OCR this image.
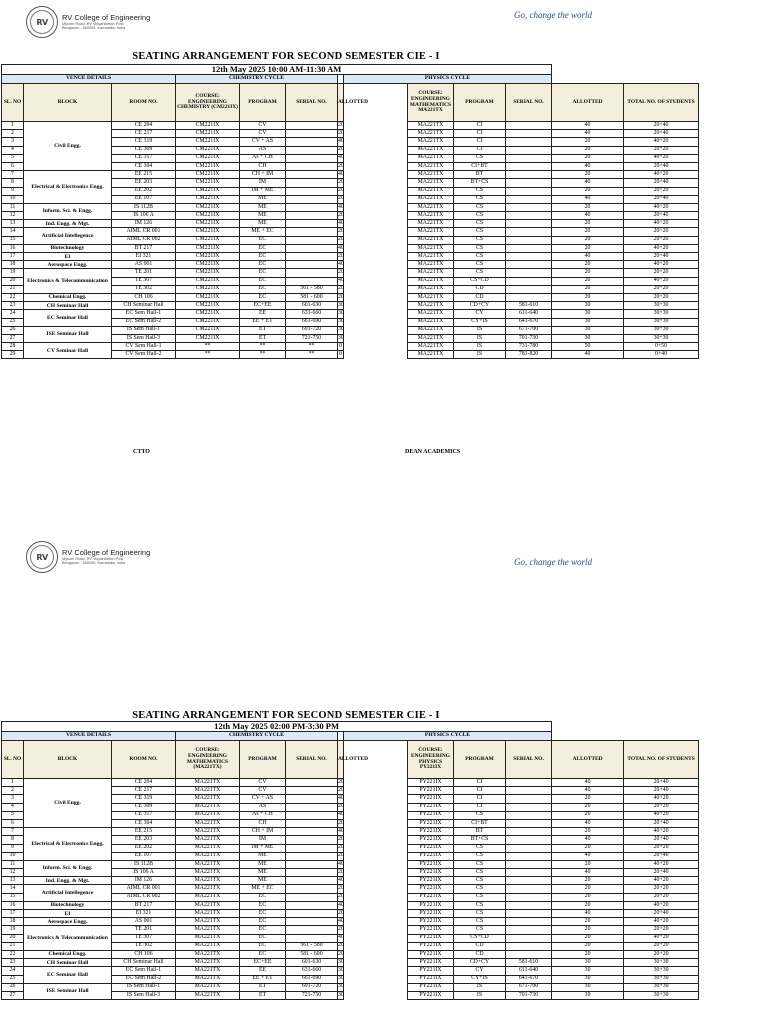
RV
RV College of Engineering
Mysore Road, RV Vidyaniketan Post,
Bengaluru - 560059, Karnataka, India
Go, change the world
SEATING ARRANGEMENT FOR SECOND SEMESTER CIE - I
12th May 2025 10:00 AM-11:30 AM													
VENUE DETAILS			CHEMISTRY CYCLE				PHYSICS CYCLE						
SL. NO	BLOCK	ROOM NO.	COURSE: ENGINEERING CHEMISTRY (CM221IX)	PROGRAM	SERIAL NO.	ALLOTTED		COURSE: ENGINEERING MATHEMATICS MA221TX	PROGRAM	SERIAL NO.	ALLOTTED	TOTAL NO. OF STUDENTS	
1	Civil Engg.	CE 204	CM221IX	CV		20		MA221TX	CI		40	20+40	
2		CE 217	CM221IX	CV		20		MA221TX	CI		40	20+40	
3		CE 319	CM221IX	CV + AS		40		MA221TX	CI		20	40+20	
4		CE 309	CM221IX	AS		20		MA221TX	CI		20	20+20	
5		CE 317	CM221IX	As + CH		40		MA221TX	CS		20	40+20	
6		CE 304	CM221IX	CH		20		MA221TX	CI+BT		40	20+40	
7	Electrical & Electronics Engg.	EE 215	CM221IX	CH + IM		40		MA221TX	BT		20	40+20	
8		EE 203	CM221IX	IM		20		MA221TX	BT+CS		40	20+40	
9		EE 202	CM221IX	IM + ME		20		MA221TX	CS		20	20+20	
10		EE 107	CM221IX	ME		20		MA221TX	CS		40	20+40	
11	Inform. Sci. & Engg.	IS 112B	CM221IX	ME		40		MA221TX	CS		20	40+20	
12		IS 106 A	CM221IX	ME		20		MA221TX	CS		40	20+40	
13	Ind. Engg. & Mgt.	IM 126	CM221IX	ME		40		MA221TX	CS		20	40+20	
14	Artificial Intellegence	AIML CR 001	CM221IX	ME + EC		20		MA221TX	CS		20	20+20	
15		AIML CR 002	CM221IX	EC		20		MA221TX	CS		20	20+20	
16	Biotechnology	BT 217	CM221IX	EC		40		MA221TX	CS		20	40+20	
17	EI	EI 321	CM221IX	EC		20		MA221TX	CS		40	20+40	
18	Aerospace Engg.	AS 001	CM221IX	EC		40		MA221TX	CS		20	40+20	
19	Electronics & Telecommunication	TE 201	CM221IX	EC		20		MA221TX	CS		20	20+20	
20		TE 307	CM221IX	EC		40		MA221TX	CS+CD		20	40+20	
21		TE 302	CM221IX	EC	561 - 580	20		MA221TX	CD		20	20+20	
22	Chemical Engg.	CH 106	CM221IX	EC	581 - 600	20		MA221TX	CD		20	20+20	
23	CH Seminar Hall	CH Seminar Hall	CM221IX	EC+EE	601-630	30		MA221TX	CD+CY	581-610	30	30+30	
24	EC Seminar Hall	EC Sem Hall-1	CM221IX	EE	631-660	30		MA221TX	CY	611-640	30	30+30	
25		EC Sem Hall-2	CM221IX	EE + ET	661-690	30		MA221TX	CY+IS	641-670	30	30+30	
26	ISE Seminar Hall	IS Sem Hall-1	CM221IX	ET	691-720	30		MA221TX	IS	671-700	30	30+30	
27		IS Sem Hall-3	CM221IX	ET	721-750	30		MA221TX	IS	701-730	30	30+30	
28	CV Seminar Hall	CV Sem Hall-1	**	**	**	0		MA221TX	IS	731-780	50	0+50	
29		CV Sem Hall-2	**	**	**	0		MA221TX	IS	781-820	40	0+40	
CTTO	DEAN ACADEMICS
RV
RV College of Engineering
Mysore Road, RV Vidyaniketan Post,
Bengaluru - 560059, Karnataka, India	Go, change the world
SEATING ARRANGEMENT FOR SECOND SEMESTER CIE - I
12th May 2025 02:00 PM-3:30 PM													
VENUE DETAILS			CHEMISTRY CYCLE				PHYSICS CYCLE						
SL. NO	BLOCK	ROOM NO.	COURSE: ENGINEERING MATHEMATICS (MA221TX)	PROGRAM	SERIAL NO.	ALLOTTED		COURSE: ENGINEERING PHYSICS PY221IX	PROGRAM	SERIAL NO.	ALLOTTED	TOTAL NO. OF STUDENTS	
1	Civil Engg.	CE 204	MA221TX	CV		20		PY221IX	CI		40	20+40	
2		CE 217	MA221TX	CV		20		PY221IX	CI		40	20+40	
3		CE 319	MA221TX	CV + AS		40		PY221IX	CI		20	40+20	
4		CE 309	MA221TX	AS		20		PY221IX	CI		20	20+20	
5		CE 317	MA221TX	As + CH		40		PY221IX	CS		20	40+20	
6		CE 304	MA221TX	CH		20		PY221IX	CI+BT		40	20+40	
7	Electrical & Electronics Engg.	EE 215	MA221TX	CH + IM		40		PY221IX	BT		20	40+20	
8		EE 203	MA221TX	IM		20		PY221IX	BT+CS		40	20+40	
9		EE 202	MA221TX	IM + ME		20		PY221IX	CS		20	20+20	
10		EE 107	MA221TX	ME		20		PY221IX	CS		40	20+40	
11	Inform. Sci. & Engg.	IS 112B	MA221TX	ME		40		PY221IX	CS		20	40+20	
12		IS 106 A	MA221TX	ME		20		PY221IX	CS		40	20+40	
13	Ind. Engg. & Mgt.	IM 126	MA221TX	ME		40		PY221IX	CS		20	40+20	
14	Artificial Intellegence	AIML CR 001	MA221TX	ME + EC		20		PY221IX	CS		20	20+20	
15		AIML CR 002	MA221TX	EC		20		PY221IX	CS		20	20+20	
16	Biotechnology	BT 217	MA221TX	EC		40		PY221IX	CS		20	40+20	
17	EI	EI 321	MA221TX	EC		20		PY221IX	CS		40	20+40	
18	Aerospace Engg.	AS 001	MA221TX	EC		40		PY221IX	CS		20	40+20	
19	Electronics & Telecommunication	TE 201	MA221TX	EC		20		PY221IX	CS		20	20+20	
20		TE 307	MA221TX	EC		40		PY221IX	CS+CD		20	40+20	
21		TE 302	MA221TX	EC	561 - 580	20		PY221IX	CD		20	20+20	
22	Chemical Engg.	CH 106	MA221TX	EC	581 - 600	20		PY221IX	CD		20	20+20	
23	CH Seminar Hall	CH Seminar Hall	MA221TX	EC+EE	601-630	30		PY221IX	CD+CY	581-610	30	30+30	
24	EC Seminar Hall	EC Sem Hall-1	MA221TX	EE	631-660	30		PY221IX	CY	611-640	30	30+30	
25		EC Sem Hall-2	MA221TX	EE + ET	661-690	30		PY221IX	CY+IS	641-670	30	30+30	
26	ISE Seminar Hall	IS Sem Hall-1	MA221TX	ET	691-720	30		PY221IX	IS	671-700	30	30+30	
27		IS Sem Hall-3	MA221TX	ET	721-750	30		PY221IX	IS	701-730	30	30+30	
